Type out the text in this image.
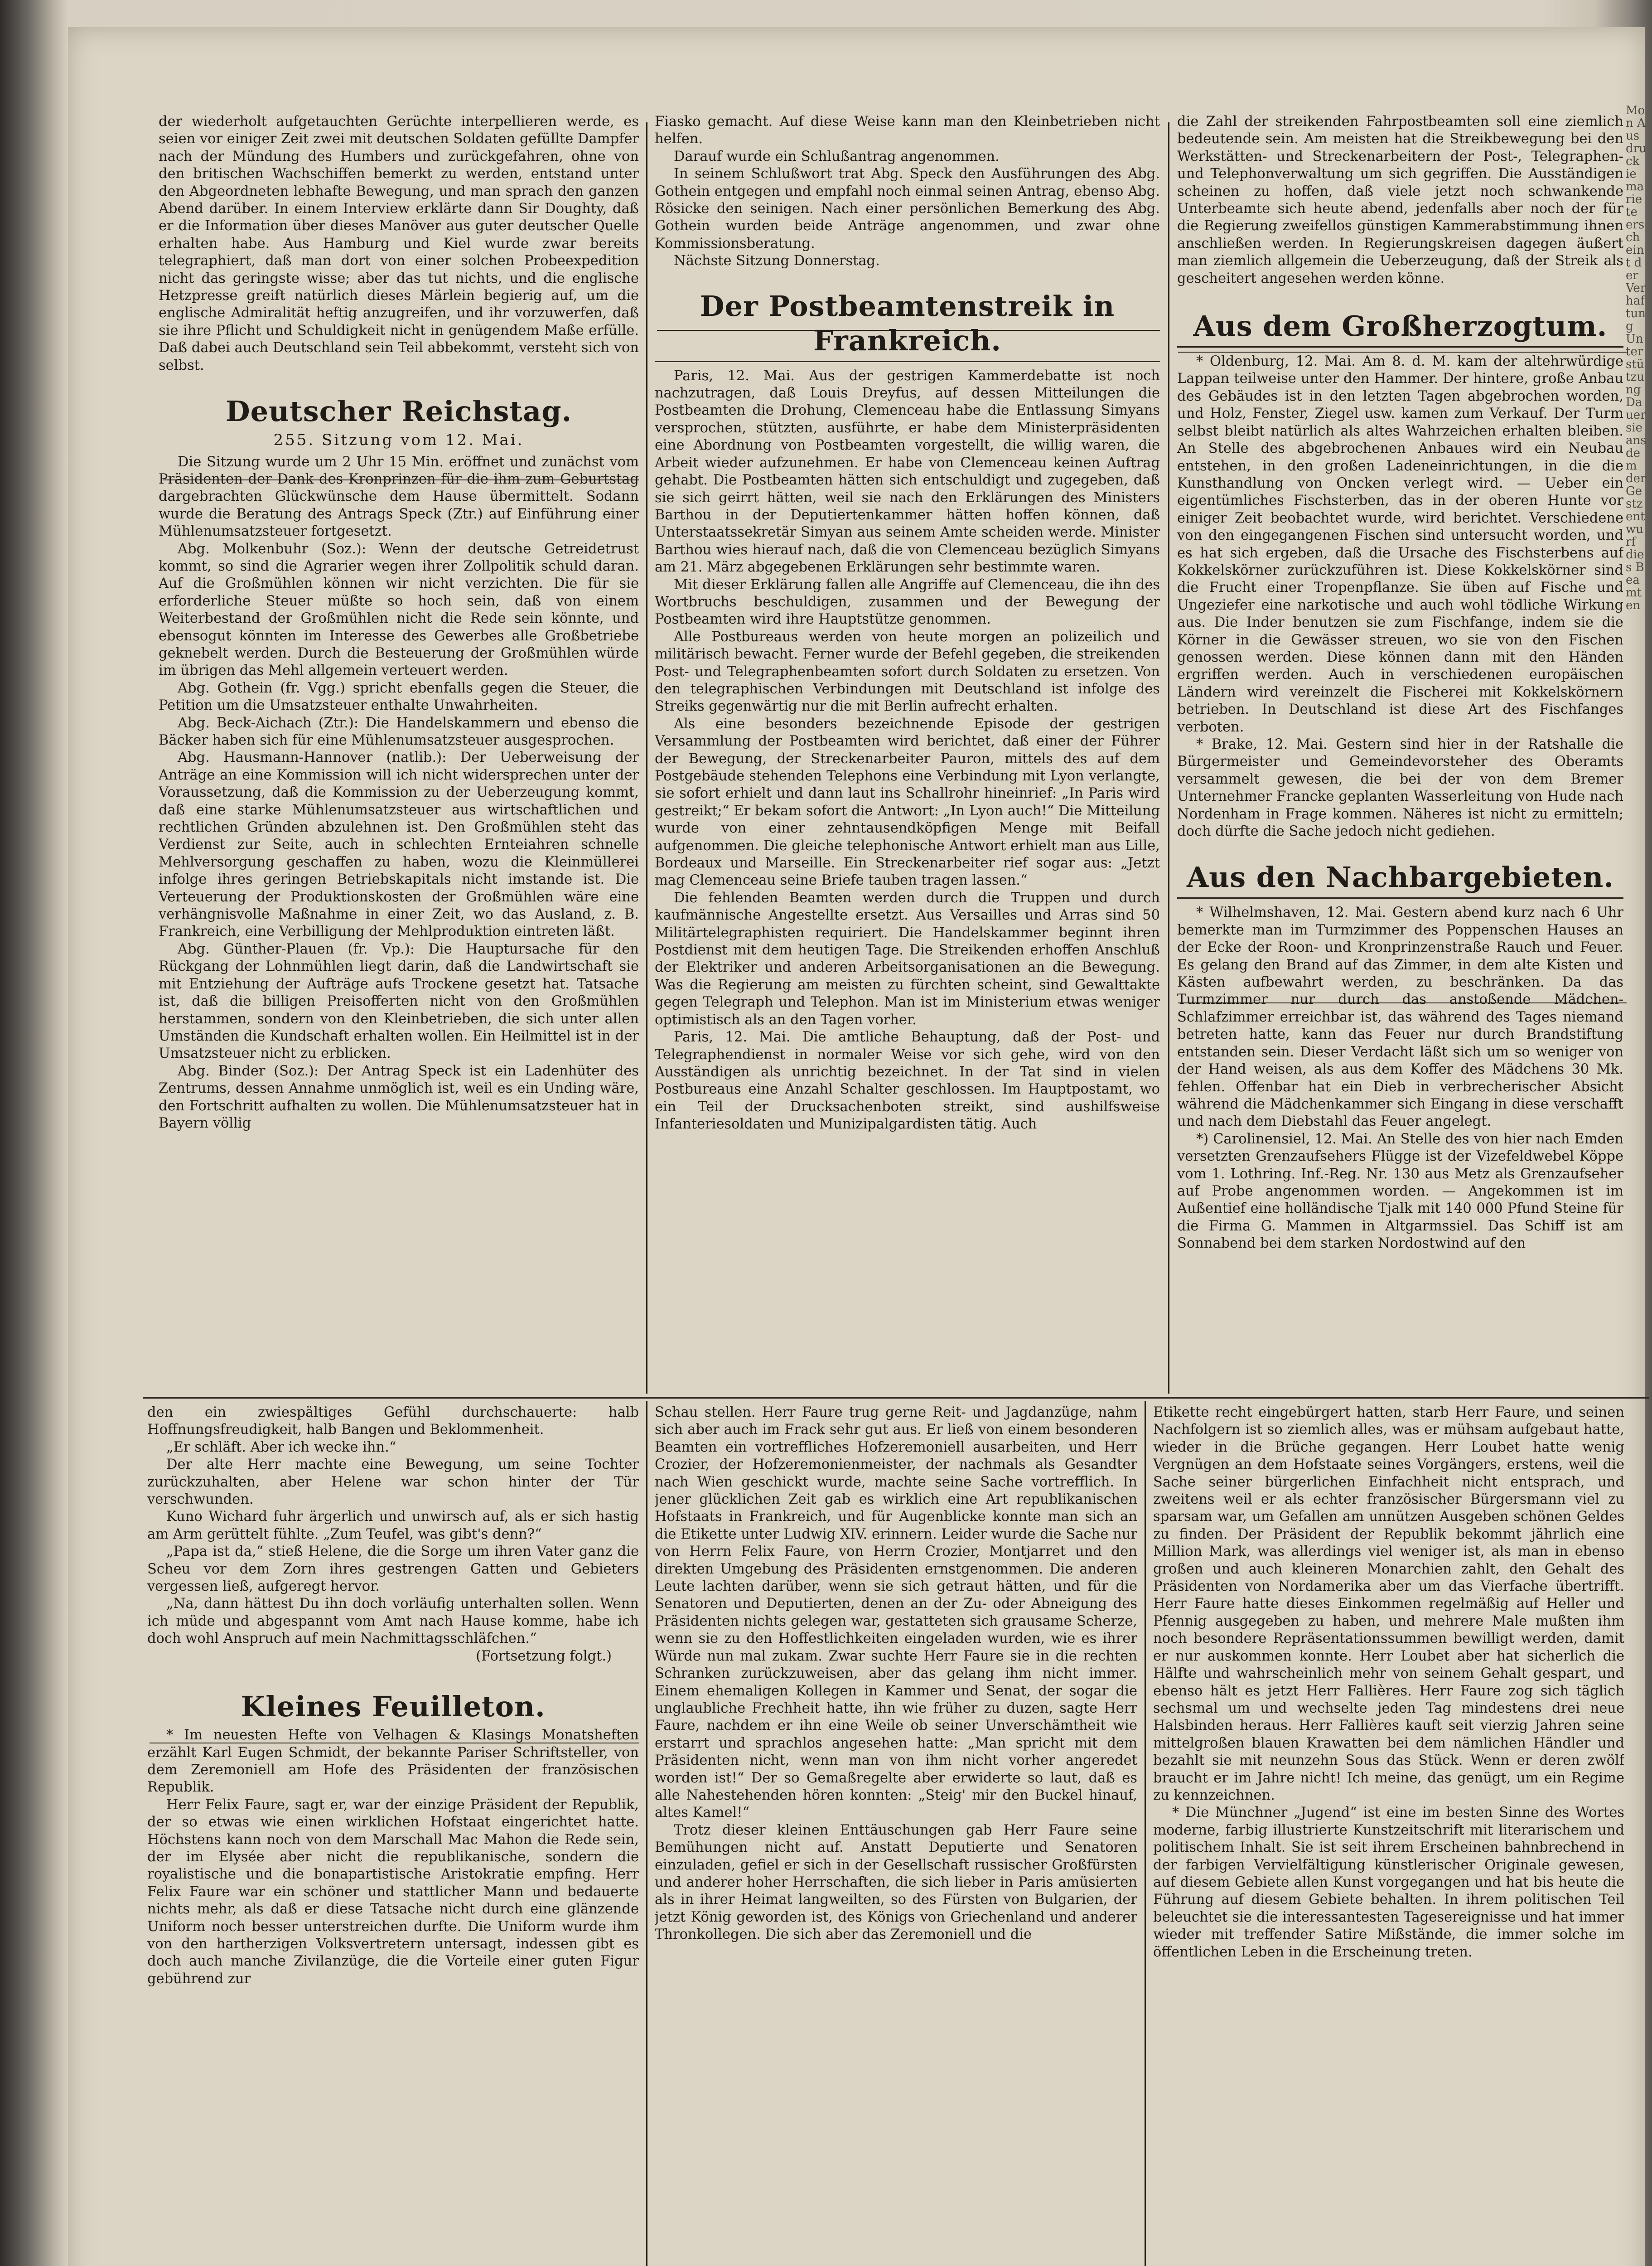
der wiederholt aufgetauchten Gerüchte interpellieren werde, es seien vor einiger Zeit zwei mit deutschen Soldaten gefüllte Dampfer nach der Mündung des Humbers und zurückgefahren, ohne von den britischen Wachschiffen bemerkt zu werden, entstand unter den Abgeordneten lebhafte Bewegung, und man sprach den ganzen Abend darüber. In einem Interview erklärte dann Sir Doughty, daß er die Information über dieses Manöver aus guter deutscher Quelle erhalten habe. Aus Hamburg und Kiel wurde zwar bereits telegraphiert, daß man dort von einer solchen Probeexpedition nicht das geringste wisse; aber das tut nichts, und die englische Hetzpresse greift natürlich dieses Märlein begierig auf, um die englische Admiralität heftig anzugreifen, und ihr vorzuwerfen, daß sie ihre Pflicht und Schuldigkeit nicht in genügendem Maße erfülle. Daß dabei auch Deutschland sein Teil abbekommt, versteht sich von selbst.

Deutscher Reichstag.
255. Sitzung vom 12. Mai.

Die Sitzung wurde um 2 Uhr 15 Min. eröffnet und zunächst vom Präsidenten der Dank des Kronprinzen für die ihm zum Geburtstag dargebrachten Glückwünsche dem Hause übermittelt. Sodann wurde die Beratung des Antrags Speck (Ztr.) auf Einführung einer Mühlenumsatzsteuer fortgesetzt.

Abg. Molkenbuhr (Soz.): Wenn der deutsche Getreidetrust kommt, so sind die Agrarier wegen ihrer Zollpolitik schuld daran. Auf die Großmühlen können wir nicht verzichten. Die für sie erforderliche Steuer müßte so hoch sein, daß von einem Weiterbestand der Großmühlen nicht die Rede sein könnte, und ebensogut könnten im Interesse des Gewerbes alle Großbetriebe geknebelt werden. Durch die Besteuerung der Großmühlen würde im übrigen das Mehl allgemein verteuert werden.

Abg. Gothein (fr. Vgg.) spricht ebenfalls gegen die Steuer, die Petition um die Umsatzsteuer enthalte Unwahrheiten.

Abg. Beck-Aichach (Ztr.): Die Handelskammern und ebenso die Bäcker haben sich für eine Mühlenumsatzsteuer ausgesprochen.

Abg. Hausmann-Hannover (natlib.): Der Ueberweisung der Anträge an eine Kommission will ich nicht widersprechen unter der Voraussetzung, daß die Kommission zu der Ueberzeugung kommt, daß eine starke Mühlenumsatzsteuer aus wirtschaftlichen und rechtlichen Gründen abzulehnen ist. Den Großmühlen steht das Verdienst zur Seite, auch in schlechten Ernteiahren schnelle Mehlversorgung geschaffen zu haben, wozu die Kleinmüllerei infolge ihres geringen Betriebskapitals nicht imstande ist. Die Verteuerung der Produktionskosten der Großmühlen wäre eine verhängnisvolle Maßnahme in einer Zeit, wo das Ausland, z. B. Frankreich, eine Verbilligung der Mehlproduktion eintreten läßt.

Abg. Günther-Plauen (fr. Vp.): Die Hauptursache für den Rückgang der Lohnmühlen liegt darin, daß die Landwirtschaft sie mit Entziehung der Aufträge aufs Trockene gesetzt hat. Tatsache ist, daß die billigen Preisofferten nicht von den Großmühlen herstammen, sondern von den Kleinbetrieben, die sich unter allen Umständen die Kundschaft erhalten wollen. Ein Heilmittel ist in der Umsatzsteuer nicht zu erblicken.

Abg. Binder (Soz.): Der Antrag Speck ist ein Ladenhüter des Zentrums, dessen Annahme unmöglich ist, weil es ein Unding wäre, den Fortschritt aufhalten zu wollen. Die Mühlenumsatzsteuer hat in Bayern völlig

Fiasko gemacht. Auf diese Weise kann man den Kleinbetrieben nicht helfen.

Darauf wurde ein Schlußantrag angenommen.

In seinem Schlußwort trat Abg. Speck den Ausführungen des Abg. Gothein entgegen und empfahl noch einmal seinen Antrag, ebenso Abg. Rösicke den seinigen. Nach einer persönlichen Bemerkung des Abg. Gothein wurden beide Anträge angenommen, und zwar ohne Kommissionsberatung.

Nächste Sitzung Donnerstag.

Der Postbeamtenstreik in Frankreich.

Paris, 12. Mai. Aus der gestrigen Kammerdebatte ist noch nachzutragen, daß Louis Dreyfus, auf dessen Mitteilungen die Postbeamten die Drohung, Clemenceau habe die Entlassung Simyans versprochen, stützten, ausführte, er habe dem Ministerpräsidenten eine Abordnung von Postbeamten vorgestellt, die willig waren, die Arbeit wieder aufzunehmen. Er habe von Clemenceau keinen Auftrag gehabt. Die Postbeamten hätten sich entschuldigt und zugegeben, daß sie sich geirrt hätten, weil sie nach den Erklärungen des Ministers Barthou in der Deputiertenkammer hätten hoffen können, daß Unterstaatssekretär Simyan aus seinem Amte scheiden werde. Minister Barthou wies hierauf nach, daß die von Clemenceau bezüglich Simyans am 21. März abgegebenen Erklärungen sehr bestimmte waren.

Mit dieser Erklärung fallen alle Angriffe auf Clemenceau, die ihn des Wortbruchs beschuldigen, zusammen und der Bewegung der Postbeamten wird ihre Hauptstütze genommen.

Alle Postbureaus werden von heute morgen an polizeilich und militärisch bewacht. Ferner wurde der Befehl gegeben, die streikenden Post- und Telegraphenbeamten sofort durch Soldaten zu ersetzen. Von den telegraphischen Verbindungen mit Deutschland ist infolge des Streiks gegenwärtig nur die mit Berlin aufrecht erhalten.

Als eine besonders bezeichnende Episode der gestrigen Versammlung der Postbeamten wird berichtet, daß einer der Führer der Bewegung, der Streckenarbeiter Pauron, mittels des auf dem Postgebäude stehenden Telephons eine Verbindung mit Lyon verlangte, sie sofort erhielt und dann laut ins Schallrohr hineinrief: „In Paris wird gestreikt;“ Er bekam sofort die Antwort: „In Lyon auch!“ Die Mitteilung wurde von einer zehntausendköpfigen Menge mit Beifall aufgenommen. Die gleiche telephonische Antwort erhielt man aus Lille, Bordeaux und Marseille. Ein Streckenarbeiter rief sogar aus: „Jetzt mag Clemenceau seine Briefe tauben tragen lassen.“

Die fehlenden Beamten werden durch die Truppen und durch kaufmännische Angestellte ersetzt. Aus Versailles und Arras sind 50 Militärtelegraphisten requiriert. Die Handelskammer beginnt ihren Postdienst mit dem heutigen Tage. Die Streikenden erhoffen Anschluß der Elektriker und anderen Arbeitsorganisationen an die Bewegung. Was die Regierung am meisten zu fürchten scheint, sind Gewalttakte gegen Telegraph und Telephon. Man ist im Ministerium etwas weniger optimistisch als an den Tagen vorher.

Paris, 12. Mai. Die amtliche Behauptung, daß der Post- und Telegraphendienst in normaler Weise vor sich gehe, wird von den Ausständigen als unrichtig bezeichnet. In der Tat sind in vielen Postbureaus eine Anzahl Schalter geschlossen. Im Hauptpostamt, wo ein Teil der Drucksachenboten streikt, sind aushilfsweise Infanteriesoldaten und Munizipalgardisten tätig. Auch

die Zahl der streikenden Fahrpostbeamten soll eine ziemlich bedeutende sein. Am meisten hat die Streikbewegung bei den Werkstätten- und Streckenarbeitern der Post-, Telegraphen- und Telephonverwaltung um sich gegriffen. Die Ausständigen scheinen zu hoffen, daß viele jetzt noch schwankende Unterbeamte sich heute abend, jedenfalls aber noch der für die Regierung zweifellos günstigen Kammerabstimmung ihnen anschließen werden. In Regierungskreisen dagegen äußert man ziemlich allgemein die Ueberzeugung, daß der Streik als gescheitert angesehen werden könne.

Aus dem Großherzogtum.

* Oldenburg, 12. Mai. Am 8. d. M. kam der altehrwürdige Lappan teilweise unter den Hammer. Der hintere, große Anbau des Gebäudes ist in den letzten Tagen abgebrochen worden, und Holz, Fenster, Ziegel usw. kamen zum Verkauf. Der Turm selbst bleibt natürlich als altes Wahrzeichen erhalten bleiben. An Stelle des abgebrochenen Anbaues wird ein Neubau entstehen, in den großen Ladeneinrichtungen, in die die Kunsthandlung von Oncken verlegt wird. — Ueber ein eigentümliches Fischsterben, das in der oberen Hunte vor einiger Zeit beobachtet wurde, wird berichtet. Verschiedene von den eingegangenen Fischen sind untersucht worden, und es hat sich ergeben, daß die Ursache des Fischsterbens auf Kokkelskörner zurückzuführen ist. Diese Kokkelskörner sind die Frucht einer Tropenpflanze. Sie üben auf Fische und Ungeziefer eine narkotische und auch wohl tödliche Wirkung aus. Die Inder benutzen sie zum Fischfange, indem sie die Körner in die Gewässer streuen, wo sie von den Fischen genossen werden. Diese können dann mit den Händen ergriffen werden. Auch in verschiedenen europäischen Ländern wird vereinzelt die Fischerei mit Kokkelskörnern betrieben. In Deutschland ist diese Art des Fischfanges verboten.

* Brake, 12. Mai. Gestern sind hier in der Ratshalle die Bürgermeister und Gemeindevorsteher des Oberamts versammelt gewesen, die bei der von dem Bremer Unternehmer Francke geplanten Wasserleitung von Hude nach Nordenham in Frage kommen. Näheres ist nicht zu ermitteln; doch dürfte die Sache jedoch nicht gediehen.

Aus den Nachbargebieten.

* Wilhelmshaven, 12. Mai. Gestern abend kurz nach 6 Uhr bemerkte man im Turmzimmer des Poppenschen Hauses an der Ecke der Roon- und Kronprinzenstraße Rauch und Feuer. Es gelang den Brand auf das Zimmer, in dem alte Kisten und Kästen aufbewahrt werden, zu beschränken. Da das Turmzimmer nur durch das anstoßende Mädchen-Schlafzimmer erreichbar ist, das während des Tages niemand betreten hatte, kann das Feuer nur durch Brandstiftung entstanden sein. Dieser Verdacht läßt sich um so weniger von der Hand weisen, als aus dem Koffer des Mädchens 30 Mk. fehlen. Offenbar hat ein Dieb in verbrecherischer Absicht während die Mädchenkammer sich Eingang in diese verschafft und nach dem Diebstahl das Feuer angelegt.

*) Carolinensiel, 12. Mai. An Stelle des von hier nach Emden versetzten Grenzaufsehers Flügge ist der Vizefeldwebel Köppe vom 1. Lothring. Inf.-Reg. Nr. 130 aus Metz als Grenzaufseher auf Probe angenommen worden. — Angekommen ist im Außentief eine holländische Tjalk mit 140 000 Pfund Steine für die Firma G. Mammen in Altgarmssiel. Das Schiff ist am Sonnabend bei dem starken Nordostwind auf den

den ein zwiespältiges Gefühl durchschauerte: halb Hoffnungsfreudigkeit, halb Bangen und Beklommenheit.

„Er schläft. Aber ich wecke ihn.“

Der alte Herr machte eine Bewegung, um seine Tochter zurückzuhalten, aber Helene war schon hinter der Tür verschwunden.

Kuno Wichard fuhr ärgerlich und unwirsch auf, als er sich hastig am Arm gerüttelt fühlte. „Zum Teufel, was gibt's denn?“

„Papa ist da,“ stieß Helene, die die Sorge um ihren Vater ganz die Scheu vor dem Zorn ihres gestrengen Gatten und Gebieters vergessen ließ, aufgeregt hervor.

„Na, dann hättest Du ihn doch vorläufig unterhalten sollen. Wenn ich müde und abgespannt vom Amt nach Hause komme, habe ich doch wohl Anspruch auf mein Nachmittagsschläfchen.“

(Fortsetzung folgt.)
Kleines Feuilleton.

* Im neuesten Hefte von Velhagen & Klasings Monatsheften erzählt Karl Eugen Schmidt, der bekannte Pariser Schriftsteller, von dem Zeremoniell am Hofe des Präsidenten der französischen Republik.

Herr Felix Faure, sagt er, war der einzige Präsident der Republik, der so etwas wie einen wirklichen Hofstaat eingerichtet hatte. Höchstens kann noch von dem Marschall Mac Mahon die Rede sein, der im Elysée aber nicht die republikanische, sondern die royalistische und die bonapartistische Aristokratie empfing. Herr Felix Faure war ein schöner und stattlicher Mann und bedauerte nichts mehr, als daß er diese Tatsache nicht durch eine glänzende Uniform noch besser unterstreichen durfte. Die Uniform wurde ihm von den hartherzigen Volksvertretern untersagt, indessen gibt es doch auch manche Zivilanzüge, die die Vorteile einer guten Figur gebührend zur

Schau stellen. Herr Faure trug gerne Reit- und Jagdanzüge, nahm sich aber auch im Frack sehr gut aus. Er ließ von einem besonderen Beamten ein vortreffliches Hofzeremoniell ausarbeiten, und Herr Crozier, der Hofzeremonienmeister, der nachmals als Gesandter nach Wien geschickt wurde, machte seine Sache vortrefflich. In jener glücklichen Zeit gab es wirklich eine Art republikanischen Hofstaats in Frankreich, und für Augenblicke konnte man sich an die Etikette unter Ludwig XIV. erinnern. Leider wurde die Sache nur von Herrn Felix Faure, von Herrn Crozier, Montjarret und den direkten Umgebung des Präsidenten ernstgenommen. Die anderen Leute lachten darüber, wenn sie sich getraut hätten, und für die Senatoren und Deputierten, denen an der Zu- oder Abneigung des Präsidenten nichts gelegen war, gestatteten sich grausame Scherze, wenn sie zu den Hoffestlichkeiten eingeladen wurden, wie es ihrer Würde nun mal zukam. Zwar suchte Herr Faure sie in die rechten Schranken zurückzuweisen, aber das gelang ihm nicht immer. Einem ehemaligen Kollegen in Kammer und Senat, der sogar die unglaubliche Frechheit hatte, ihn wie früher zu duzen, sagte Herr Faure, nachdem er ihn eine Weile ob seiner Unverschämtheit wie erstarrt und sprachlos angesehen hatte: „Man spricht mit dem Präsidenten nicht, wenn man von ihm nicht vorher angeredet worden ist!“ Der so Gemaßregelte aber erwiderte so laut, daß es alle Nahestehenden hören konnten: „Steig' mir den Buckel hinauf, altes Kamel!“

Trotz dieser kleinen Enttäuschungen gab Herr Faure seine Bemühungen nicht auf. Anstatt Deputierte und Senatoren einzuladen, gefiel er sich in der Gesellschaft russischer Großfürsten und anderer hoher Herrschaften, die sich lieber in Paris amüsierten als in ihrer Heimat langweilten, so des Fürsten von Bulgarien, der jetzt König geworden ist, des Königs von Griechenland und anderer Thronkollegen. Die sich aber das Zeremoniell und die

Etikette recht eingebürgert hatten, starb Herr Faure, und seinen Nachfolgern ist so ziemlich alles, was er mühsam aufgebaut hatte, wieder in die Brüche gegangen. Herr Loubet hatte wenig Vergnügen an dem Hofstaate seines Vorgängers, erstens, weil die Sache seiner bürgerlichen Einfachheit nicht entsprach, und zweitens weil er als echter französischer Bürgersmann viel zu sparsam war, um Gefallen am unnützen Ausgeben schönen Geldes zu finden. Der Präsident der Republik bekommt jährlich eine Million Mark, was allerdings viel weniger ist, als man in ebenso großen und auch kleineren Monarchien zahlt, den Gehalt des Präsidenten von Nordamerika aber um das Vierfache übertrifft. Herr Faure hatte dieses Einkommen regelmäßig auf Heller und Pfennig ausgegeben zu haben, und mehrere Male mußten ihm noch besondere Repräsentationssummen bewilligt werden, damit er nur auskommen konnte. Herr Loubet aber hat sicherlich die Hälfte und wahrscheinlich mehr von seinem Gehalt gespart, und ebenso hält es jetzt Herr Fallières. Herr Faure zog sich täglich sechsmal um und wechselte jeden Tag mindestens drei neue Halsbinden heraus. Herr Fallières kauft seit vierzig Jahren seine mittelgroßen blauen Krawatten bei dem nämlichen Händler und bezahlt sie mit neunzehn Sous das Stück. Wenn er deren zwölf braucht er im Jahre nicht! Ich meine, das genügt, um ein Regime zu kennzeichnen.

* Die Münchner „Jugend“ ist eine im besten Sinne des Wortes moderne, farbig illustrierte Kunstzeitschrift mit literarischem und politischem Inhalt. Sie ist seit ihrem Erscheinen bahnbrechend in der farbigen Vervielfältigung künstlerischer Originale gewesen, auf diesem Gebiete allen Kunst vorgegangen und hat bis heute die Führung auf diesem Gebiete behalten. In ihrem politischen Teil beleuchtet sie die interessantesten Tagesereignisse und hat immer wieder mit treffender Satire Mißstände, die immer solche im öffentlichen Leben in die Erscheinung treten.

Mon Ausdruck iemarie te erscheint der Verhaftung Unterstützung Dauer sie ans dem der Gestzentwurf dies Beamten
